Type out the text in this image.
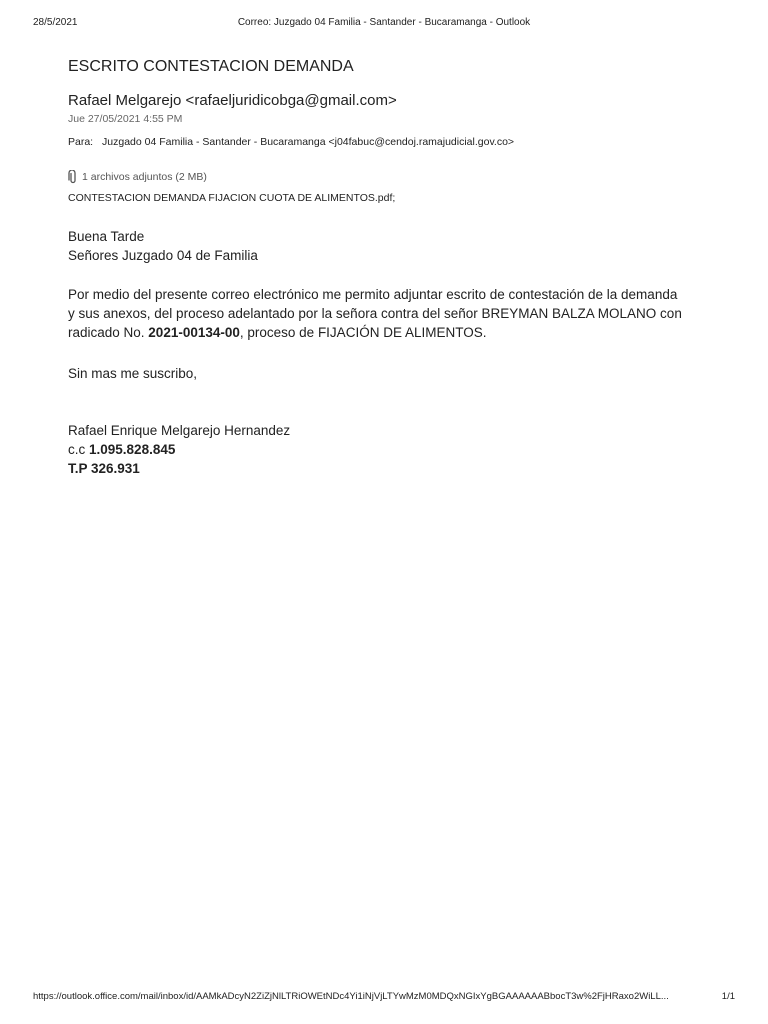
28/5/2021	Correo: Juzgado 04 Familia - Santander - Bucaramanga - Outlook
ESCRITO CONTESTACION DEMANDA
Rafael Melgarejo <rafaeljuridicobga@gmail.com>
Jue 27/05/2021 4:55 PM
Para: Juzgado 04 Familia - Santander - Bucaramanga <j04fabuc@cendoj.ramajudicial.gov.co>
1 archivos adjuntos (2 MB)
CONTESTACION DEMANDA FIJACION CUOTA DE ALIMENTOS.pdf;
Buena Tarde
Señores Juzgado 04 de Familia
Por medio del presente correo electrónico me permito adjuntar escrito de contestación de la demanda
y sus anexos, del proceso adelantado por la señora contra del señor BREYMAN BALZA MOLANO con
radicado No. 2021-00134-00, proceso de FIJACIÓN DE ALIMENTOS.
Sin mas me suscribo,
Rafael Enrique Melgarejo Hernandez
c.c 1.095.828.845
T.P 326.931
https://outlook.office.com/mail/inbox/id/AAMkADcyN2ZiZjNlLTRiOWEtNDc4Yi1iNjVjLTYwMzM0MDQxNGIxYgBGAAAAAABbocT3w%2FjHRaxo2WiLL...	1/1
